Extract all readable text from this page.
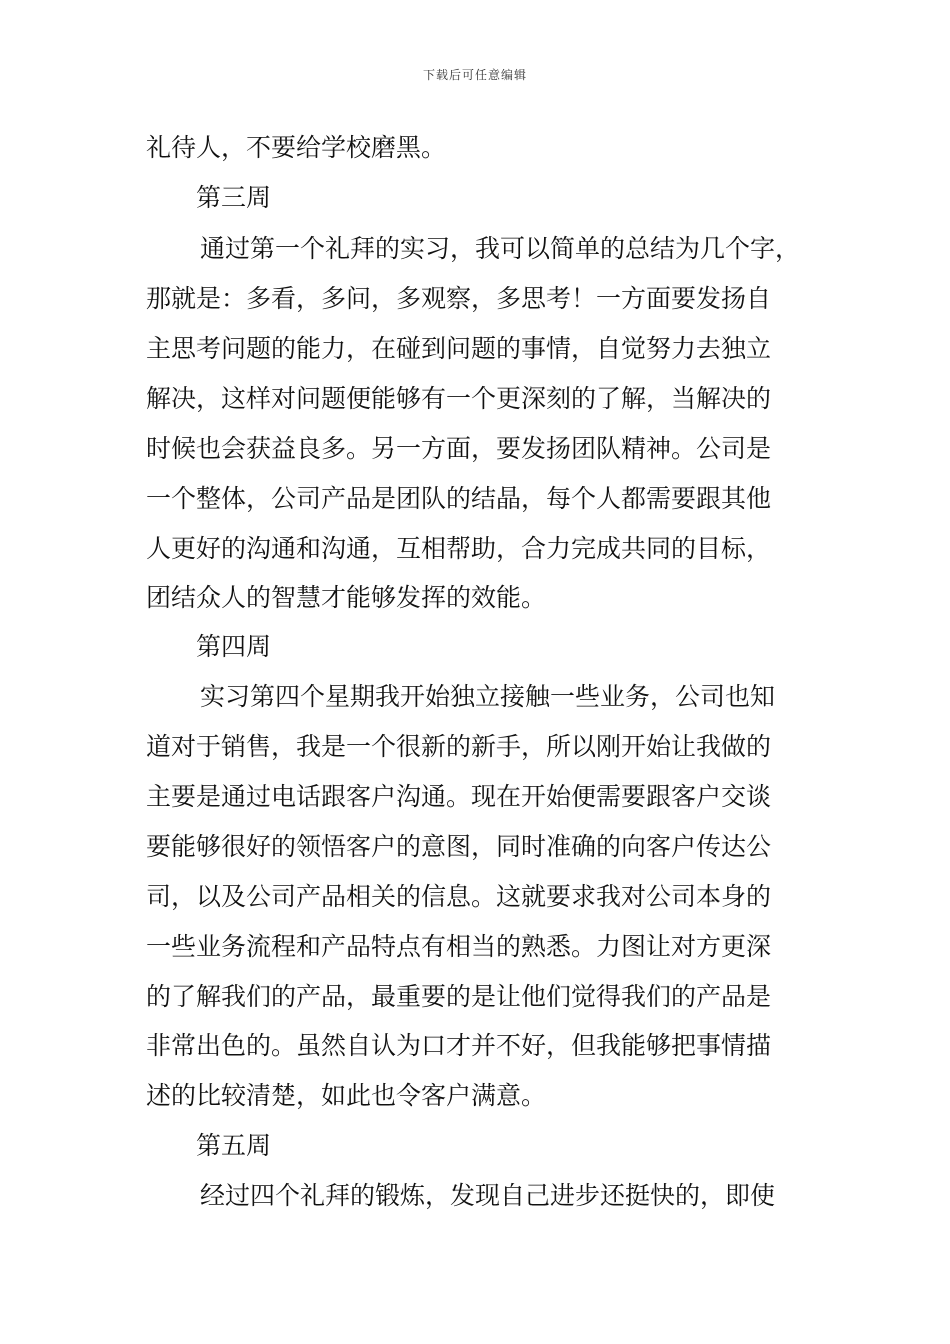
下载后可任意编辑
礼待人，不要给学校磨黑。
第三周
通过第一个礼拜的实习，我可以简单的总结为几个字，
那就是：多看，多问，多观察，多思考！一方面要发扬自
主思考问题的能力，在碰到问题的事情，自觉努力去独立
解决，这样对问题便能够有一个更深刻的了解，当解决的
时候也会获益良多。另一方面，要发扬团队精神。公司是
一个整体，公司产品是团队的结晶，每个人都需要跟其他
人更好的沟通和沟通，互相帮助，合力完成共同的目标，
团结众人的智慧才能够发挥的效能。
第四周
实习第四个星期我开始独立接触一些业务，公司也知
道对于销售，我是一个很新的新手，所以刚开始让我做的
主要是通过电话跟客户沟通。现在开始便需要跟客户交谈
要能够很好的领悟客户的意图，同时准确的向客户传达公
司，以及公司产品相关的信息。这就要求我对公司本身的
一些业务流程和产品特点有相当的熟悉。力图让对方更深
的了解我们的产品，最重要的是让他们觉得我们的产品是
非常出色的。虽然自认为口才并不好，但我能够把事情描
述的比较清楚，如此也令客户满意。
第五周
经过四个礼拜的锻炼，发现自己进步还挺快的，即使
